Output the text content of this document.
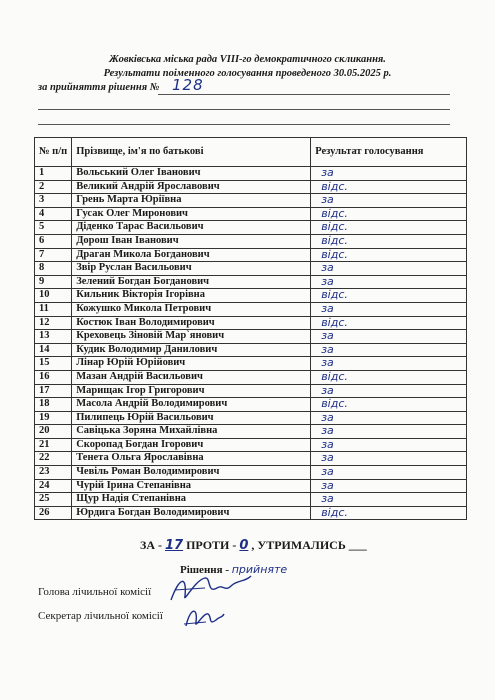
Жовківська міська рада VIII-го демократичного скликання.
Результати поіменного голосування проведеного 30.05.2025 р.
за прийняття рішення № 128
№ п/п	Прізвище, ім'я по батькові	Результат голосування
1	Вольський Олег Іванович	за
2	Великий Андрій Ярославович	відс.
3	Грень Марта Юріївна	за
4	Гусак Олег Миронович	відс.
5	Діденко Тарас Васильович	відс.
6	Дорош Іван Іванович	відс.
7	Драган Микола Богданович	відс.
8	Звір Руслан Васильович	за
9	Зелений Богдан Богданович	за
10	Кильник Вікторія Ігорівна	відс.
11	Кожушко Микола Петрович	за
12	Костюк Іван Володимирович	відс.
13	Креховець Зіновій Мар`янович	за
14	Кудик Володимир Данилович	за
15	Лінар Юрій Юрійович	за
16	Мазан Андрій Васильович	відс.
17	Марищак Ігор Григорович	за
18	Масола Андрій Володимирович	відс.
19	Пилипець Юрій Васильович	за
20	Савіцька Зоряна Михайлівна	за
21	Скоропад Богдан Ігорович	за
22	Тенета Ольга Ярославівна	за
23	Чевіль Роман Володимирович	за
24	Чурій Ірина Степанівна	за
25	Щур Надія Степанівна	за
26	Юрдига Богдан Володимирович	відс.
ЗА - 17 ПРОТИ - 0 , УТРИМАЛИСЬ ___
Рішення - прийняте
Голова лічильної комісії
Секретар лічильної комісії
